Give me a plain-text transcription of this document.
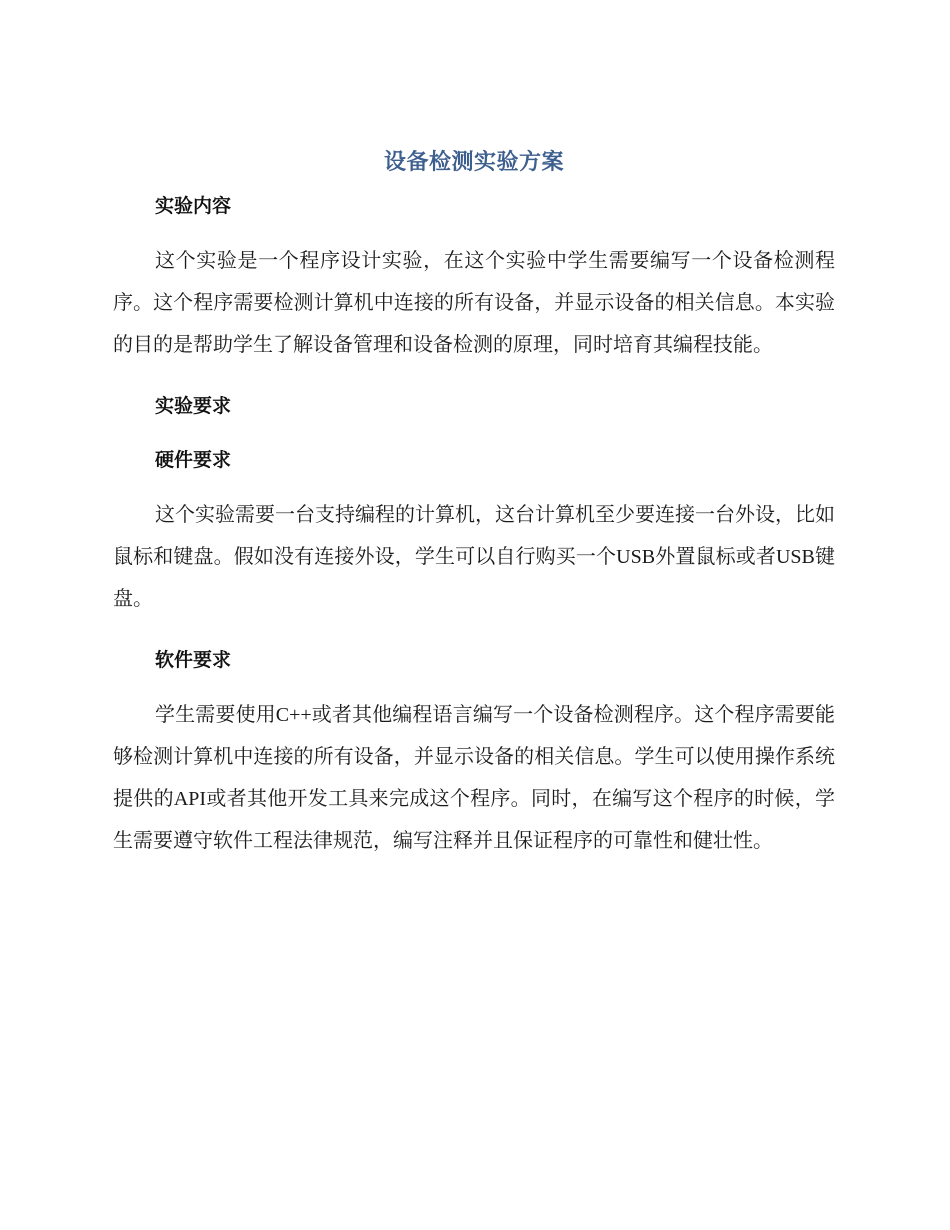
设备检测实验方案
实验内容

这个实验是一个程序设计实验，在这个实验中学生需要编写一个设备检测程序。这个程序需要检测计算机中连接的所有设备，并显示设备的相关信息。本实验的目的是帮助学生了解设备管理和设备检测的原理，同时培育其编程技能。

实验要求
硬件要求

这个实验需要一台支持编程的计算机，这台计算机至少要连接一台外设，比如鼠标和键盘。假如没有连接外设，学生可以自行购买一个USB外置鼠标或者USB键盘。

软件要求

学生需要使用C++或者其他编程语言编写一个设备检测程序。这个程序需要能够检测计算机中连接的所有设备，并显示设备的相关信息。学生可以使用操作系统提供的API或者其他开发工具来完成这个程序。同时，在编写这个程序的时候，学生需要遵守软件工程法律规范，编写注释并且保证程序的可靠性和健壮性。
